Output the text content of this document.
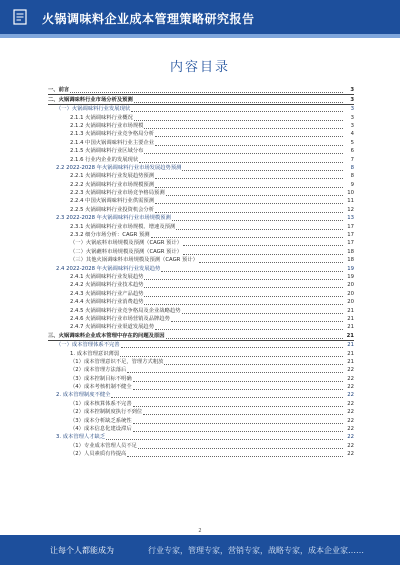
火锅调味料企业成本管理策略研究报告
内容目录
一、前言	3
二、火锅调味料行业市场分析及预测	3
（一）火锅调味料行业发展现状	3
2.1.1 火锅调味料行业概况	3
2.1.2 火锅调味料行业市场规模	3
2.1.3 火锅调味料行业竞争格局分析	4
2.1.4 中国火锅调味料行业主要企业	5
2.1.5 火锅调味料行业区域分布	6
2.1.6 行业内企业的发展现状	7
2.2 2022-2028 年火锅调味料行业市场发展趋势预测	8
2.2.1 火锅调味料行业发展趋势预测	8
2.2.2 火锅调味料行业市场规模预测	9
2.2.3 火锅调味料行业市场竞争格局预测	10
2.2.4 中国火锅调味料行业供需预测	11
2.2.5 火锅调味料行业投资机会分析	12
2.3 2022-2028 年火锅调味料行业市场规模预测	13
2.3.1 火锅调味料行业市场规模、增速及预测	17
2.3.2 细分市场分析：CAGR 预测	17
（一）火锅底料市场规模及预测（CAGR 预计）	17
（二）火锅蘸料市场规模及预测（CAGR 预计）	18
（三）其他火锅调味料市场规模及预测（CAGR 预计）	18
2.4 2022-2028 年火锅调味料行业发展趋势	19
2.4.1 火锅调味料行业发展趋势	19
2.4.2 火锅调味料行业技术趋势	20
2.4.3 火锅调味料行业产品趋势	20
2.4.4 火锅调味料行业消费趋势	20
2.4.5 火锅调味料行业竞争格局及企业战略趋势	21
2.4.6 火锅调味料行业市场营销及品牌趋势	21
2.4.7 火锅调味料行业渠道发展趋势	21
三、火锅调味料企业成本管理中存在的问题及原因	21
（一）成本管理体系不完善	21
1. 成本管理意识薄弱	21
（1）成本管理意识不足，管理方式粗放	21
（2）成本管理方法落后	22
（3）成本控制目标不明确	22
（4）成本考核机制不健全	22
2. 成本管理制度不健全	22
（1）成本核算体系不完善	22
（2）成本控制制度执行不到位	22
（3）成本分析缺乏系统性	22
（4）成本信息化建设滞后	22
3. 成本管理人才缺乏	22
（1）专业成本管理人员不足	22
（2）人员素质有待提高	22
2
让每个人都能成为	行业专家，管理专家，营销专家，战略专家，成本企业家……
